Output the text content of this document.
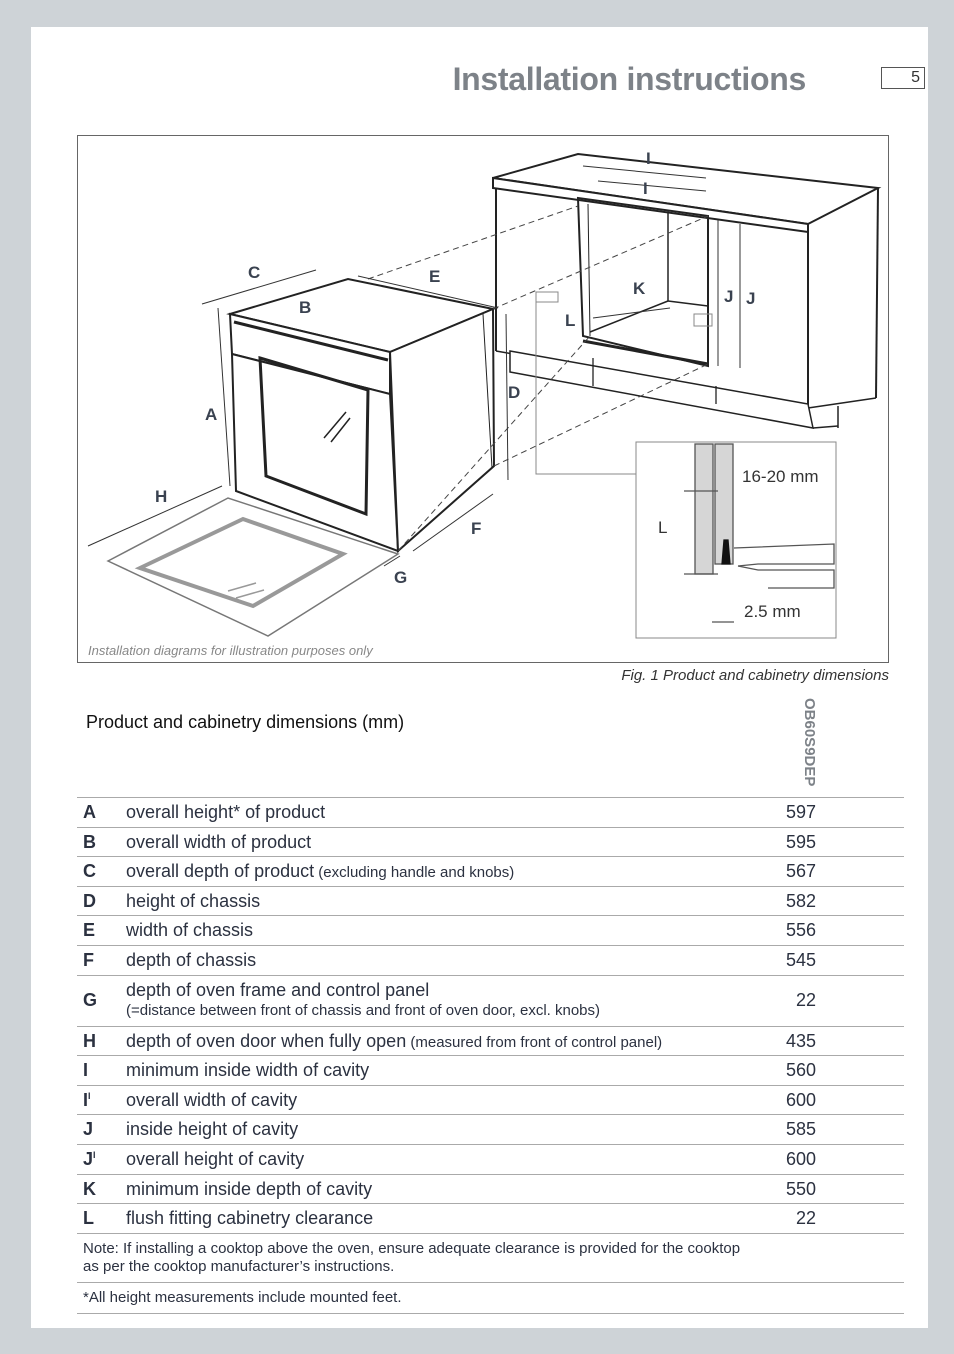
Installation instructions	5
C
B
E
A
H
G
F
D
I
I
K
L
J J
L
16-20 mm
2.5 mm
Installation diagrams for illustration purposes only
Fig. 1 Product and cabinetry dimensions
Product and cabinetry dimensions (mm)	OB60S9DEP
A overall height* of product	597
B overall width of product	595
C overall depth of product (excluding handle and knobs)	567
D height of chassis	582
E width of chassis	556
F depth of chassis	545
G depth of oven frame and control panel
(=distance between front of chassis and front of oven door, excl. knobs)
22
H depth of oven door when fully open (measured from front of control panel)	435
I minimum inside width of cavity	560
$I^I$ overall width of cavity	600
J inside height of cavity	585
$J^I$ overall height of cavity	600
K minimum inside depth of cavity	550
L flush fitting cabinetry clearance	22
Note: If installing a cooktop above the oven, ensure adequate clearance is provided for the cooktop as per the cooktop manufacturer’s instructions.
*All height measurements include mounted feet.
